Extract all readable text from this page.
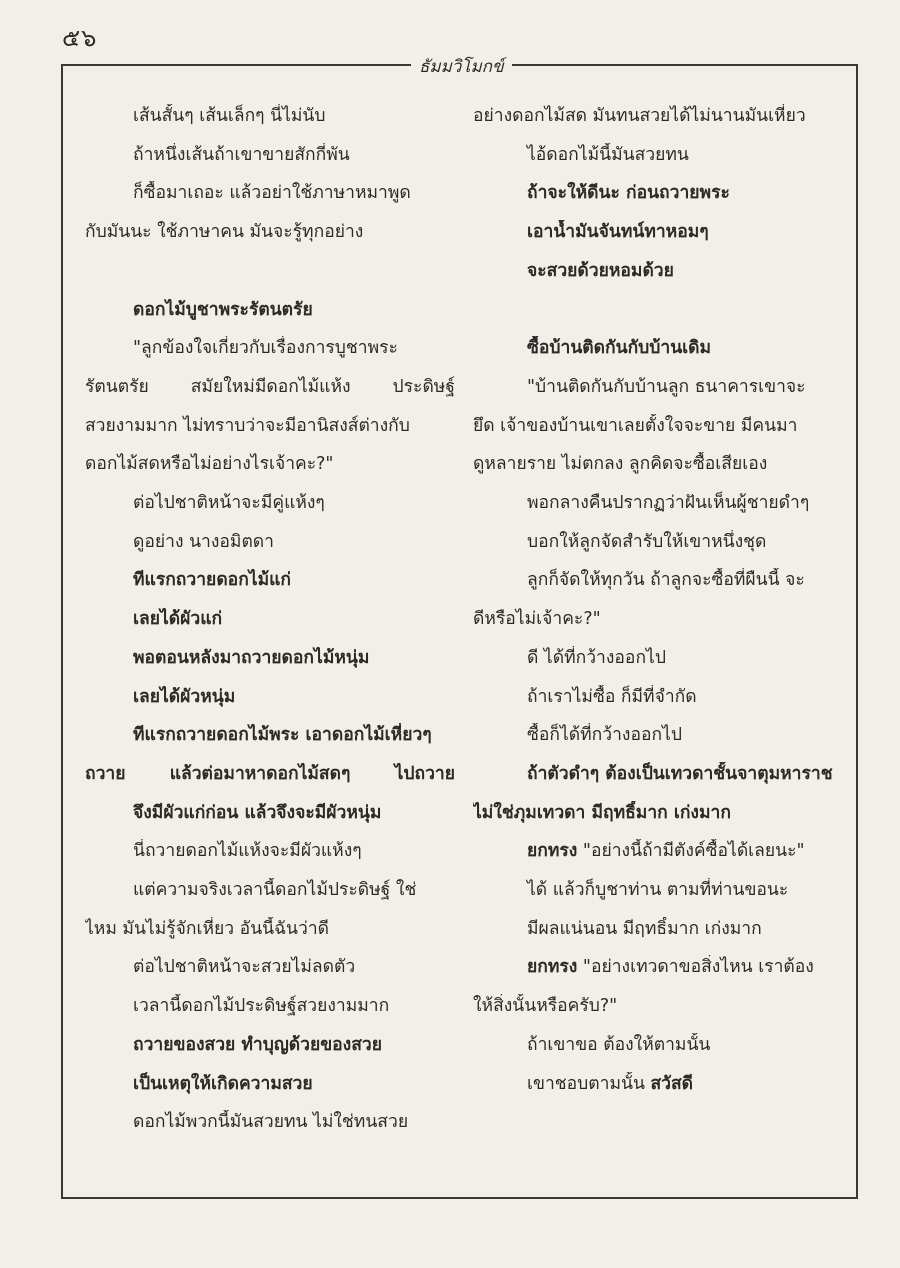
๕๖
ธัมมวิโมกข์
เส้นสั้นๆ เส้นเล็กๆ นี่ไม่นับ
ถ้าหนึ่งเส้นถ้าเขาขายสักกี่พัน
ก็ซื้อมาเถอะ แล้วอย่าใช้ภาษาหมาพูด
กับมันนะ ใช้ภาษาคน มันจะรู้ทุกอย่าง
ดอกไม้บูชาพระรัตนตรัย
"ลูกข้องใจเกี่ยวกับเรื่องการบูชาพระ
รัตนตรัย สมัยใหม่มีดอกไม้แห้ง ประดิษฐ์
สวยงามมาก ไม่ทราบว่าจะมีอานิสงส์ต่างกับ
ดอกไม้สดหรือไม่อย่างไรเจ้าคะ?"
ต่อไปชาติหน้าจะมีคู่แห้งๆ
ดูอย่าง นางอมิตดา
ทีแรกถวายดอกไม้แก่
เลยได้ผัวแก่
พอตอนหลังมาถวายดอกไม้หนุ่ม
เลยได้ผัวหนุ่ม
ทีแรกถวายดอกไม้พระ เอาดอกไม้เหี่ยวๆ
ถวาย แล้วต่อมาหาดอกไม้สดๆ ไปถวาย
จึงมีผัวแก่ก่อน แล้วจึงจะมีผัวหนุ่ม
นี่ถวายดอกไม้แห้งจะมีผัวแห้งๆ
แต่ความจริงเวลานี้ดอกไม้ประดิษฐ์ ใช่
ไหม มันไม่รู้จักเหี่ยว อันนี้ฉันว่าดี
ต่อไปชาติหน้าจะสวยไม่ลดตัว
เวลานี้ดอกไม้ประดิษฐ์สวยงามมาก
ถวายของสวย ทำบุญด้วยของสวย
เป็นเหตุให้เกิดความสวย
ดอกไม้พวกนี้มันสวยทน ไม่ใช่ทนสวย
อย่างดอกไม้สด มันทนสวยได้ไม่นานมันเหี่ยว
ไอ้ดอกไม้นี้มันสวยทน
ถ้าจะให้ดีนะ ก่อนถวายพระ
เอาน้ำมันจันทน์ทาหอมๆ
จะสวยด้วยหอมด้วย
ซื้อบ้านติดกันกับบ้านเดิม
"บ้านติดกันกับบ้านลูก ธนาคารเขาจะ
ยึด เจ้าของบ้านเขาเลยตั้งใจจะขาย มีคนมา
ดูหลายราย ไม่ตกลง ลูกคิดจะซื้อเสียเอง
พอกลางคืนปรากฏว่าฝันเห็นผู้ชายดำๆ
บอกให้ลูกจัดสำรับให้เขาหนึ่งชุด
ลูกก็จัดให้ทุกวัน ถ้าลูกจะซื้อที่ผืนนี้ จะ
ดีหรือไม่เจ้าคะ?"
ดี ได้ที่กว้างออกไป
ถ้าเราไม่ซื้อ ก็มีที่จำกัด
ซื้อก็ได้ที่กว้างออกไป
ถ้าตัวดำๆ ต้องเป็นเทวดาชั้นจาตุมหาราช
ไม่ใช่ภุมเทวดา มีฤทธิ์มาก เก่งมาก
ยกทรง "อย่างนี้ถ้ามีตังค์ซื้อได้เลยนะ"
ได้ แล้วก็บูชาท่าน ตามที่ท่านขอนะ
มีผลแน่นอน มีฤทธิ์มาก เก่งมาก
ยกทรง "อย่างเทวดาขอสิ่งไหน เราต้อง
ให้สิ่งนั้นหรือครับ?"
ถ้าเขาขอ ต้องให้ตามนั้น
เขาชอบตามนั้น สวัสดี
